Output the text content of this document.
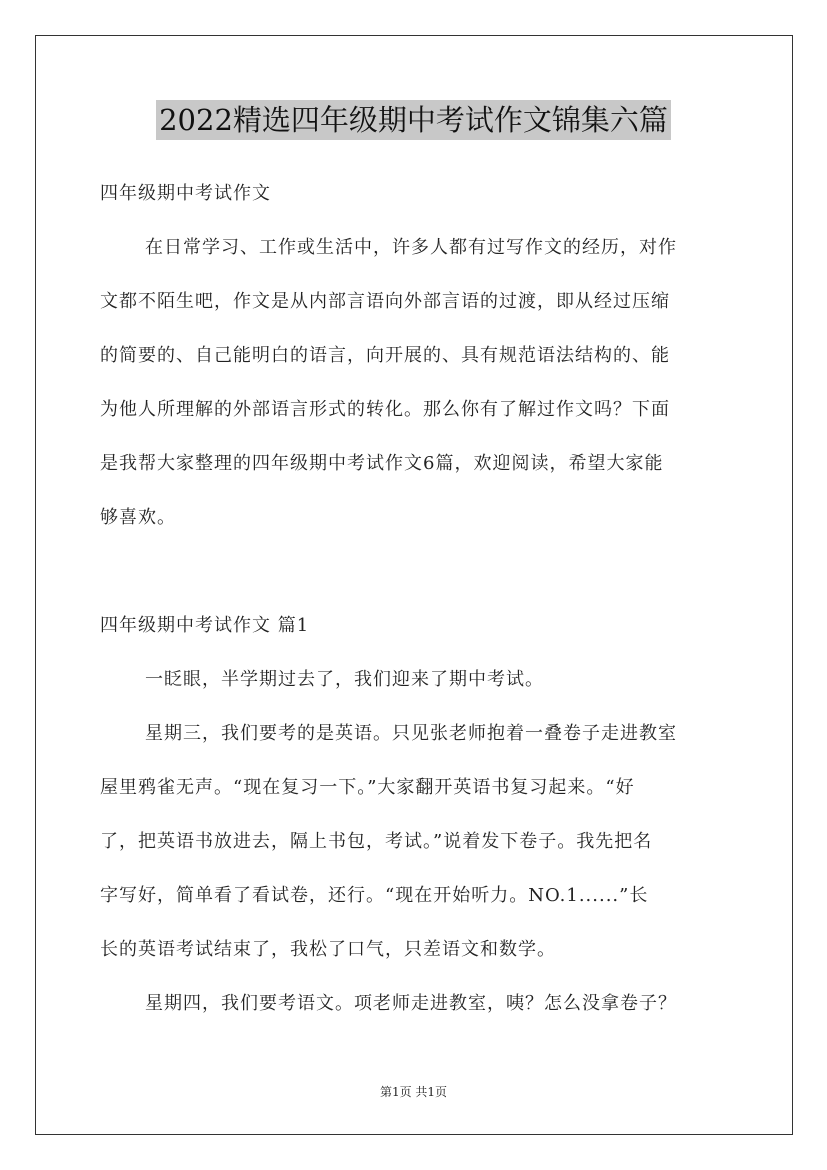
2022精选四年级期中考试作文锦集六篇
四年级期中考试作文
在日常学习、工作或生活中，许多人都有过写作文的经历，对作
文都不陌生吧，作文是从内部言语向外部言语的过渡，即从经过压缩
的简要的、自己能明白的语言，向开展的、具有规范语法结构的、能
为他人所理解的外部语言形式的转化。那么你有了解过作文吗？下面
是我帮大家整理的四年级期中考试作文6篇，欢迎阅读，希望大家能
够喜欢。
四年级期中考试作文 篇1
一眨眼，半学期过去了，我们迎来了期中考试。
星期三，我们要考的是英语。只见张老师抱着一叠卷子走进教室
屋里鸦雀无声。“现在复习一下。”大家翻开英语书复习起来。“好
了，把英语书放进去，隔上书包，考试。”说着发下卷子。我先把名
字写好，简单看了看试卷，还行。“现在开始听力。NO.1......”长
长的英语考试结束了，我松了口气，只差语文和数学。
星期四，我们要考语文。项老师走进教室，咦？怎么没拿卷子？
第1页 共1页
